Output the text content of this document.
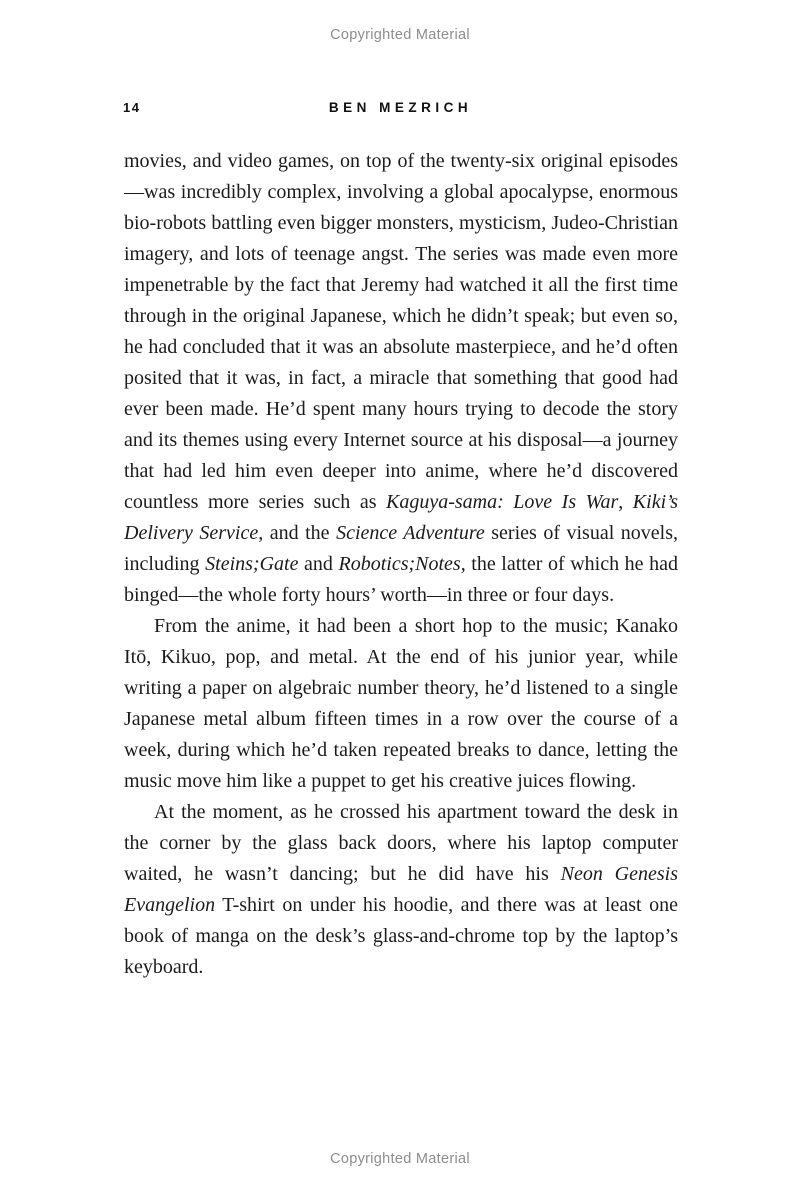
Copyrighted Material
14	BEN MEZRICH

movies, and video games, on top of the twenty-six original episodes—was incredibly complex, involving a global apocalypse, enormous bio-robots battling even bigger monsters, mysticism, Judeo-Christian imagery, and lots of teenage angst. The series was made even more impenetrable by the fact that Jeremy had watched it all the first time through in the original Japanese, which he didn’t speak; but even so, he had concluded that it was an absolute masterpiece, and he’d often posited that it was, in fact, a miracle that something that good had ever been made. He’d spent many hours trying to decode the story and its themes using every Internet source at his disposal—a journey that had led him even deeper into anime, where he’d discovered countless more series such as Kaguya-sama: Love Is War, Kiki’s Delivery Service, and the Science Adventure series of visual novels, including Steins;Gate and Robotics;Notes, the latter of which he had binged—the whole forty hours’ worth—in three or four days.

From the anime, it had been a short hop to the music; Kanako Itō, Kikuo, pop, and metal. At the end of his junior year, while writing a paper on algebraic number theory, he’d listened to a single Japanese metal album fifteen times in a row over the course of a week, during which he’d taken repeated breaks to dance, letting the music move him like a puppet to get his creative juices flowing.

At the moment, as he crossed his apartment toward the desk in the corner by the glass back doors, where his laptop computer waited, he wasn’t dancing; but he did have his Neon Genesis Evangelion T-shirt on under his hoodie, and there was at least one book of manga on the desk’s glass-and-chrome top by the laptop’s keyboard.

Copyrighted Material
